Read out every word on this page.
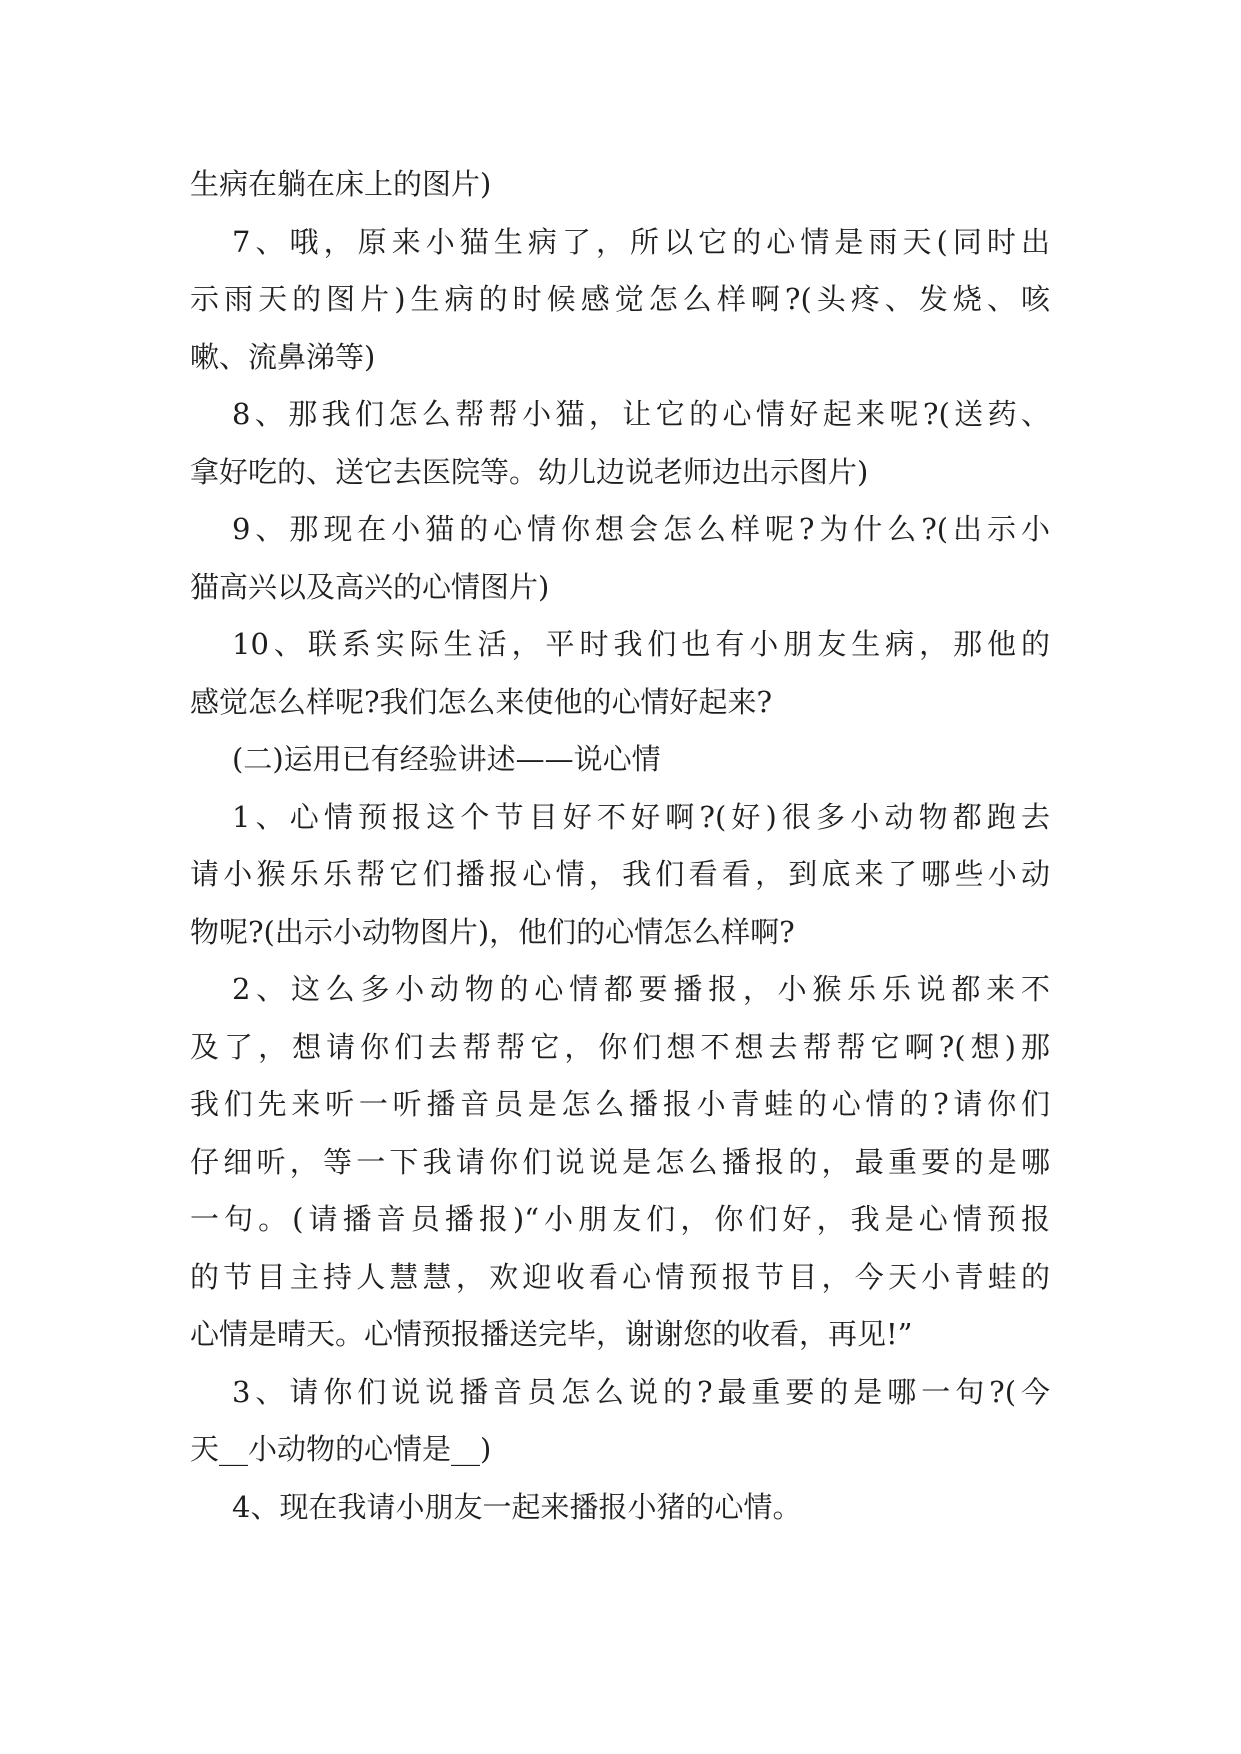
生病在躺在床上的图片)
7、哦，原来小猫生病了，所以它的心情是雨天(同时出
示雨天的图片)生病的时候感觉怎么样啊?(头疼、发烧、咳
嗽、流鼻涕等)
8、那我们怎么帮帮小猫，让它的心情好起来呢?(送药、
拿好吃的、送它去医院等。幼儿边说老师边出示图片)
9、那现在小猫的心情你想会怎么样呢?为什么?(出示小
猫高兴以及高兴的心情图片)
10、联系实际生活，平时我们也有小朋友生病，那他的
感觉怎么样呢?我们怎么来使他的心情好起来?
(二)运用已有经验讲述——说心情
1、心情预报这个节目好不好啊?(好)很多小动物都跑去
请小猴乐乐帮它们播报心情，我们看看，到底来了哪些小动
物呢?(出示小动物图片)，他们的心情怎么样啊?
2、这么多小动物的心情都要播报，小猴乐乐说都来不
及了，想请你们去帮帮它，你们想不想去帮帮它啊?(想)那
我们先来听一听播音员是怎么播报小青蛙的心情的?请你们
仔细听，等一下我请你们说说是怎么播报的，最重要的是哪
一句。(请播音员播报)“小朋友们，你们好，我是心情预报
的节目主持人慧慧，欢迎收看心情预报节目，今天小青蛙的
心情是晴天。心情预报播送完毕，谢谢您的收看，再见!”
3、请你们说说播音员怎么说的?最重要的是哪一句?(今
天__小动物的心情是__)
4、现在我请小朋友一起来播报小猪的心情。
